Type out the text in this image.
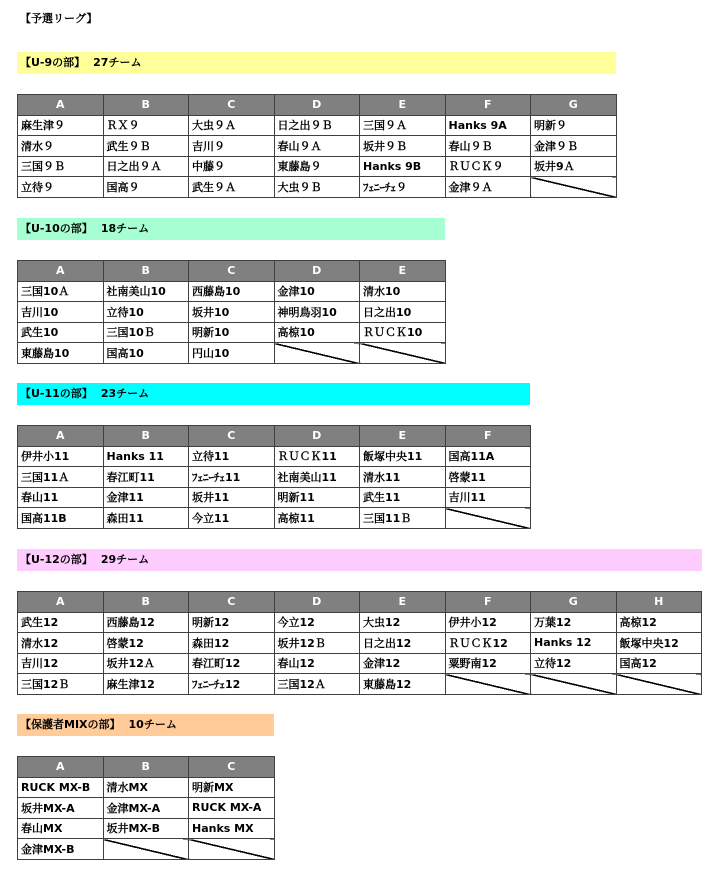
【予選リーグ】
【U-9の部】 27チーム
A	B	C	D	E	F	G
麻生津９	ＲＸ９	大虫９Ａ	日之出９Ｂ	三国９Ａ	Hanks 9A	明新９
清水９	武生９Ｂ	吉川９	春山９Ａ	坂井９Ｂ	春山９Ｂ	金津９Ｂ
三国９Ｂ	日之出９Ａ	中藤９	東藤島９	Hanks 9B	ＲＵＣＫ９	坂井9Ａ
立待９	国高９	武生９Ａ	大虫９Ｂ	ﾌｪﾆｰﾁｪ９	金津９Ａ	
【U-10の部】 18チーム
A	B	C	D	E
三国10Ａ	社南美山10	西藤島10	金津10	清水10
吉川10	立待10	坂井10	神明鳥羽10	日之出10
武生10	三国10Ｂ	明新10	高椋10	ＲＵＣＫ10
東藤島10	国高10	円山10		
【U-11の部】 23チーム
A	B	C	D	E	F
伊井小11	Hanks 11	立待11	ＲＵＣＫ11	飯塚中央11	国高11A
三国11Ａ	春江町11	ﾌｪﾆｰﾁｪ11	社南美山11	清水11	啓蒙11
春山11	金津11	坂井11	明新11	武生11	吉川11
国高11B	森田11	今立11	高椋11	三国11Ｂ	
【U-12の部】 29チーム
A	B	C	D	E	F	G	H
武生12	西藤島12	明新12	今立12	大虫12	伊井小12	万葉12	高椋12
清水12	啓蒙12	森田12	坂井12Ｂ	日之出12	ＲＵＣＫ12	Hanks 12	飯塚中央12
吉川12	坂井12Ａ	春江町12	春山12	金津12	粟野南12	立待12	国高12
三国12Ｂ	麻生津12	ﾌｪﾆｰﾁｪ12	三国12Ａ	東藤島12			
【保護者MIXの部】 10チーム
A	B	C
RUCK MX-B	清水MX	明新MX
坂井MX-A	金津MX-A	RUCK MX-A
春山MX	坂井MX-B	Hanks MX
金津MX-B		
